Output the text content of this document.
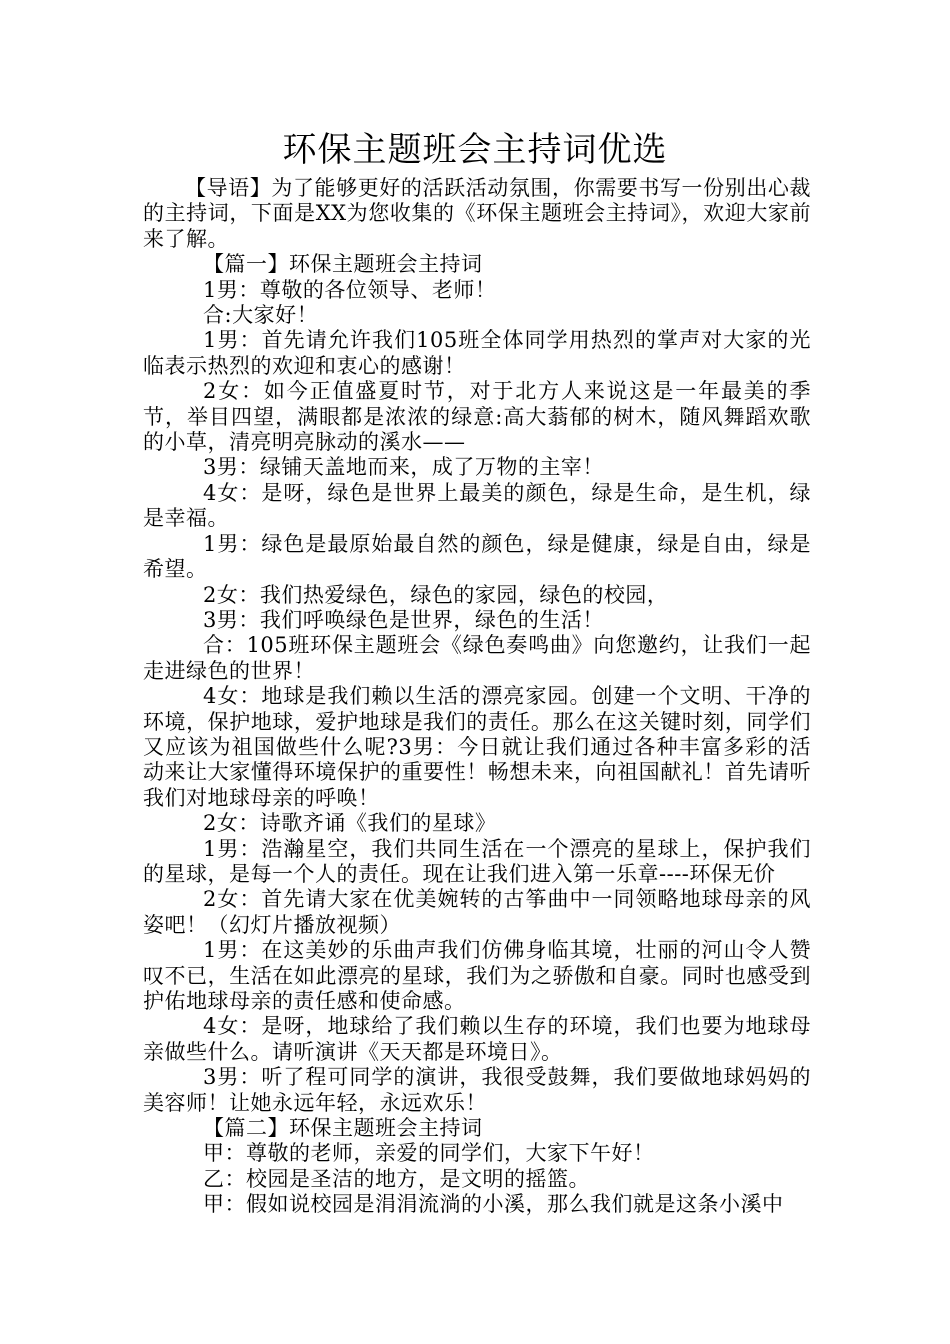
环保主题班会主持词优选

【导语】为了能够更好的活跃活动氛围，你需要书写一份别出心裁的主持词，下面是XX为您收集的《环保主题班会主持词》，欢迎大家前来了解。

【篇一】环保主题班会主持词

1男：尊敬的各位领导、老师！

合:大家好！

1男：首先请允许我们105班全体同学用热烈的掌声对大家的光临表示热烈的欢迎和衷心的感谢！

2女：如今正值盛夏时节，对于北方人来说这是一年最美的季节，举目四望，满眼都是浓浓的绿意:高大蓊郁的树木，随风舞蹈欢歌的小草，清亮明亮脉动的溪水——

3男：绿铺天盖地而来，成了万物的主宰！

4女：是呀，绿色是世界上最美的颜色，绿是生命，是生机，绿是幸福。

1男：绿色是最原始最自然的颜色，绿是健康，绿是自由，绿是希望。

2女：我们热爱绿色，绿色的家园，绿色的校园，

3男：我们呼唤绿色是世界，绿色的生活！

合：105班环保主题班会《绿色奏鸣曲》向您邀约，让我们一起走进绿色的世界！

4女：地球是我们赖以生活的漂亮家园。创建一个文明、干净的环境，保护地球，爱护地球是我们的责任。那么在这关键时刻，同学们又应该为祖国做些什么呢?3男：今日就让我们通过各种丰富多彩的活动来让大家懂得环境保护的重要性！畅想未来，向祖国献礼！首先请听我们对地球母亲的呼唤！

2女：诗歌齐诵《我们的星球》

1男：浩瀚星空，我们共同生活在一个漂亮的星球上，保护我们的星球，是每一个人的责任。现在让我们进入第一乐章----环保无价

2女：首先请大家在优美婉转的古筝曲中一同领略地球母亲的风姿吧！（幻灯片播放视频）

1男：在这美妙的乐曲声我们仿佛身临其境，壮丽的河山令人赞叹不已，生活在如此漂亮的星球，我们为之骄傲和自豪。同时也感受到护佑地球母亲的责任感和使命感。

4女：是呀，地球给了我们赖以生存的环境，我们也要为地球母亲做些什么。请听演讲《天天都是环境日》。

3男：听了程可同学的演讲，我很受鼓舞，我们要做地球妈妈的美容师！让她永远年轻，永远欢乐！

【篇二】环保主题班会主持词

甲：尊敬的老师，亲爱的同学们，大家下午好！

乙：校园是圣洁的地方，是文明的摇篮。

甲：假如说校园是涓涓流淌的小溪，那么我们就是这条小溪中
